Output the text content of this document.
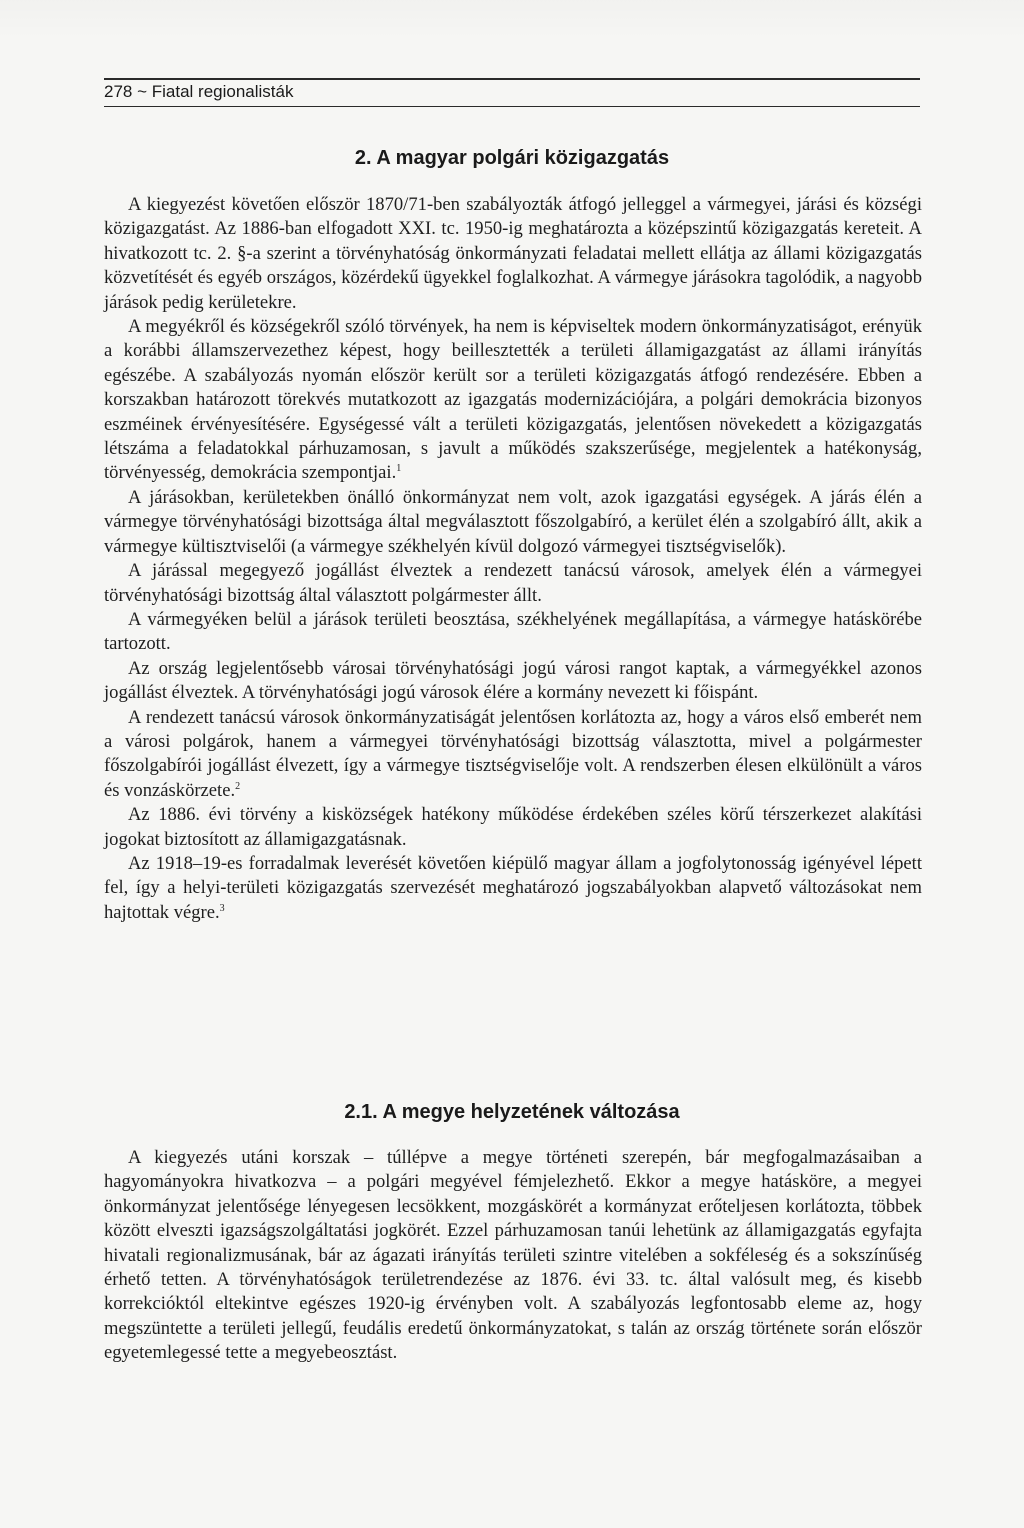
278 ~ Fiatal regionalisták
2. A magyar polgári közigazgatás

A kiegyezést követően először 1870/71-ben szabályozták átfogó jelleggel a vármegyei, járási és községi közigazgatást. Az 1886-ban elfogadott XXI. tc. 1950-ig meghatározta a középszintű közigazgatás kereteit. A hivatkozott tc. 2. §-a szerint a törvényhatóság önkormányzati feladatai mellett ellátja az állami közigazgatás közvetítését és egyéb országos, közérdekű ügyekkel foglalkozhat. A vármegye járásokra tagolódik, a nagyobb járások pedig kerületekre.

A megyékről és községekről szóló törvények, ha nem is képviseltek modern önkormányzatiságot, erényük a korábbi államszervezethez képest, hogy beillesztették a területi államigazgatást az állami irányítás egészébe. A szabályozás nyomán először került sor a területi közigazgatás átfogó rendezésére. Ebben a korszakban határozott törekvés mutatkozott az igazgatás modernizációjára, a polgári demokrácia bizonyos eszméinek érvényesítésére. Egységessé vált a területi közigazgatás, jelentősen növekedett a közigazgatás létszáma a feladatokkal párhuzamosan, s javult a működés szakszerűsége, megjelentek a hatékonyság, törvényesség, demokrácia szempontjai.$^1$

A járásokban, kerületekben önálló önkormányzat nem volt, azok igazgatási egységek. A járás élén a vármegye törvényhatósági bizottsága által megválasztott főszolgabíró, a kerület élén a szolgabíró állt, akik a vármegye kültisztviselői (a vármegye székhelyén kívül dolgozó vármegyei tisztségviselők).

A járással megegyező jogállást élveztek a rendezett tanácsú városok, amelyek élén a vármegyei törvényhatósági bizottság által választott polgármester állt.

A vármegyéken belül a járások területi beosztása, székhelyének megállapítása, a vármegye hatáskörébe tartozott.

Az ország legjelentősebb városai törvényhatósági jogú városi rangot kaptak, a vármegyékkel azonos jogállást élveztek. A törvényhatósági jogú városok élére a kormány nevezett ki főispánt.

A rendezett tanácsú városok önkormányzatiságát jelentősen korlátozta az, hogy a város első emberét nem a városi polgárok, hanem a vármegyei törvényhatósági bizottság választotta, mivel a polgármester főszolgabírói jogállást élvezett, így a vármegye tisztségviselője volt. A rendszerben élesen elkülönült a város és vonzáskörzete.$^2$

Az 1886. évi törvény a kisközségek hatékony működése érdekében széles körű térszerkezet alakítási jogokat biztosított az államigazgatásnak.

Az 1918–19-es forradalmak leverését követően kiépülő magyar állam a jogfolytonosság igényével lépett fel, így a helyi-területi közigazgatás szervezését meghatározó jogszabályokban alapvető változásokat nem hajtottak végre.$^3$

2.1. A megye helyzetének változása

A kiegyezés utáni korszak – túllépve a megye történeti szerepén, bár megfogalmazásaiban a hagyományokra hivatkozva – a polgári megyével fémjelezhető. Ekkor a megye hatásköre, a megyei önkormányzat jelentősége lényegesen lecsökkent, mozgáskörét a kormányzat erőteljesen korlátozta, többek között elveszti igazságszolgáltatási jogkörét. Ezzel párhuzamosan tanúi lehetünk az államigazgatás egyfajta hivatali regionalizmusának, bár az ágazati irányítás területi szintre vitelében a sokféleség és a sokszínűség érhető tetten. A törvényhatóságok területrendezése az 1876. évi 33. tc. által valósult meg, és kisebb korrekcióktól eltekintve egészes 1920-ig érvényben volt. A szabályozás legfontosabb eleme az, hogy megszüntette a területi jellegű, feudális eredetű önkormányzatokat, s talán az ország története során először egyetemlegessé tette a megyebeosztást.
